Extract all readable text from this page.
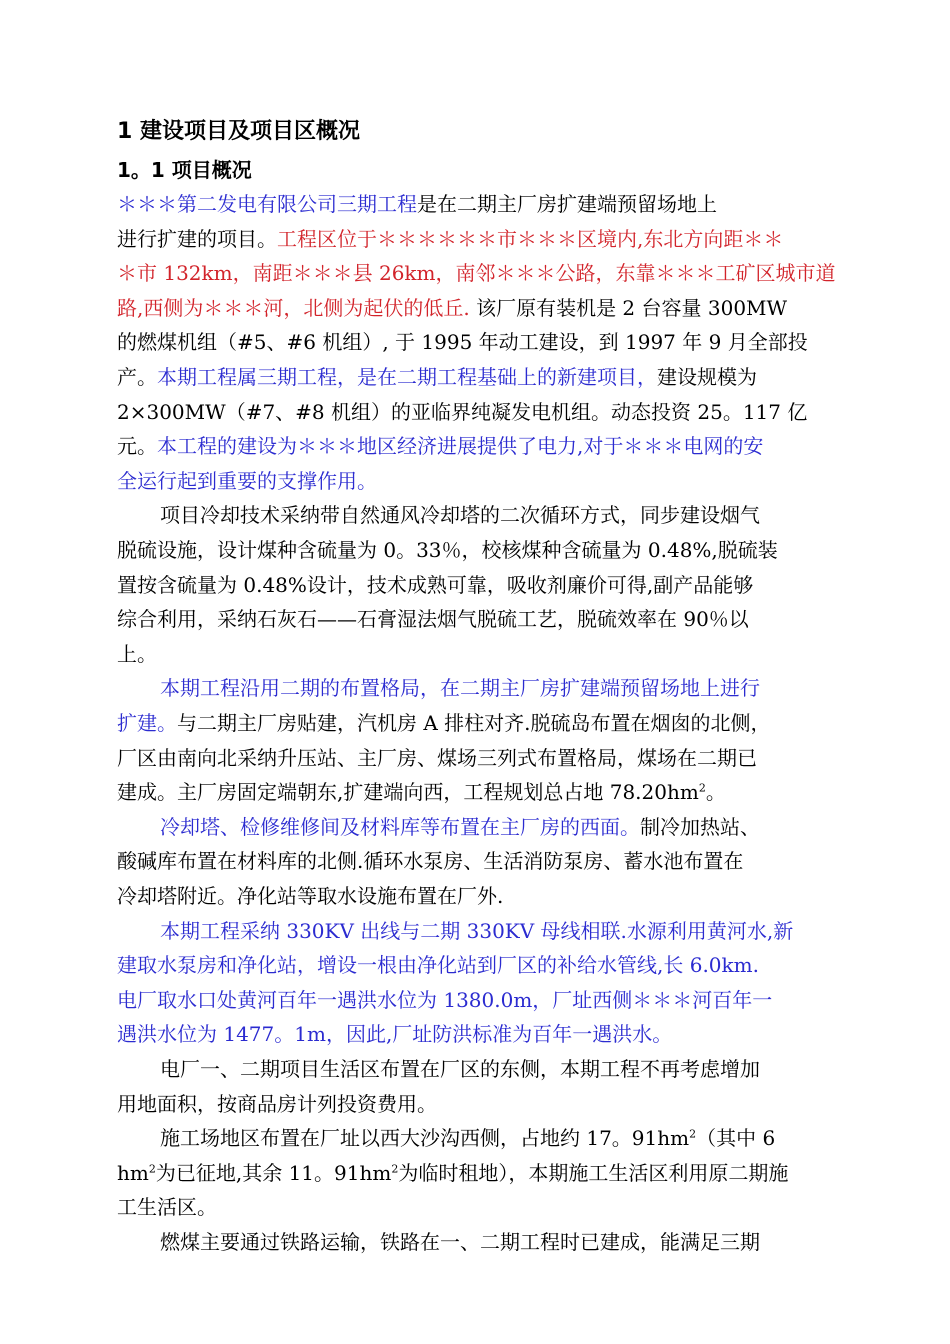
1 建设项目及项目区概况
1。1 项目概况
＊＊＊第二发电有限公司三期工程是在二期主厂房扩建端预留场地上
进行扩建的项目。工程区位于＊＊＊＊＊＊市＊＊＊区境内,东北方向距＊＊
＊市 132km，南距＊＊＊县 26km，南邻＊＊＊公路，东靠＊＊＊工矿区城市道
路,西侧为＊＊＊河，北侧为起伏的低丘. 该厂原有装机是 2 台容量 300MW
的燃煤机组（#5、#6 机组）, 于 1995 年动工建设，到 1997 年 9 月全部投
产。本期工程属三期工程，是在二期工程基础上的新建项目，建设规模为
2×300MW（#7、#8 机组）的亚临界纯凝发电机组。动态投资 25。117 亿
元。本工程的建设为＊＊＊地区经济进展提供了电力,对于＊＊＊电网的安
全运行起到重要的支撑作用。
项目冷却技术采纳带自然通风冷却塔的二次循环方式，同步建设烟气
脱硫设施，设计煤种含硫量为 0。33％，校核煤种含硫量为 0.48%,脱硫装
置按含硫量为 0.48%设计，技术成熟可靠，吸收剂廉价可得,副产品能够
综合利用，采纳石灰石——石膏湿法烟气脱硫工艺，脱硫效率在 90％以
上。
本期工程沿用二期的布置格局，在二期主厂房扩建端预留场地上进行
扩建。与二期主厂房贴建，汽机房 A 排柱对齐.脱硫岛布置在烟囱的北侧，
厂区由南向北采纳升压站、主厂房、煤场三列式布置格局，煤场在二期已
建成。主厂房固定端朝东,扩建端向西，工程规划总占地 $78.20hm^2$。
冷却塔、检修维修间及材料库等布置在主厂房的西面。制冷加热站、
酸碱库布置在材料库的北侧.循环水泵房、生活消防泵房、蓄水池布置在
冷却塔附近。净化站等取水设施布置在厂外.
本期工程采纳 330KV 出线与二期 330KV 母线相联.水源利用黄河水,新
建取水泵房和净化站，增设一根由净化站到厂区的补给水管线,长 6.0km.
电厂取水口处黄河百年一遇洪水位为 1380.0m，厂址西侧＊＊＊河百年一
遇洪水位为 1477。1m，因此,厂址防洪标准为百年一遇洪水。
电厂一、二期项目生活区布置在厂区的东侧，本期工程不再考虑增加
用地面积，按商品房计列投资费用。
施工场地区布置在厂址以西大沙沟西侧，占地约 17。$91hm^2$（其中 6
$hm^2$为已征地,其余 11。$91hm^2$为临时租地），本期施工生活区利用原二期施
工生活区。
燃煤主要通过铁路运输，铁路在一、二期工程时已建成，能满足三期
